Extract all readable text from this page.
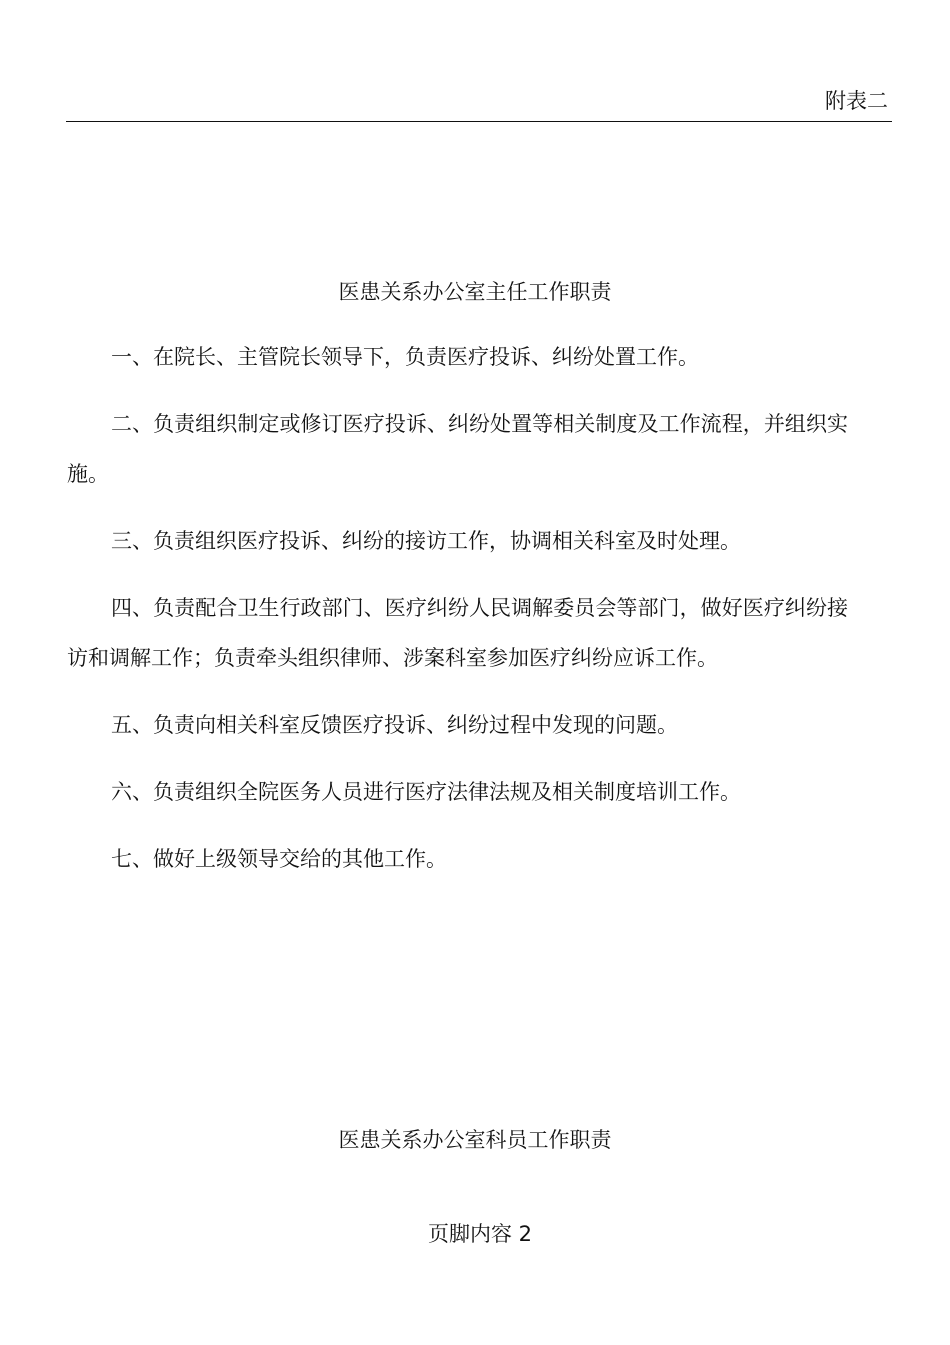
附表二
医患关系办公室主任工作职责

一、在院长、主管院长领导下，负责医疗投诉、纠纷处置工作。

二、负责组织制定或修订医疗投诉、纠纷处置等相关制度及工作流程，并组织实施。

三、负责组织医疗投诉、纠纷的接访工作，协调相关科室及时处理。

四、负责配合卫生行政部门、医疗纠纷人民调解委员会等部门，做好医疗纠纷接访和调解工作；负责牵头组织律师、涉案科室参加医疗纠纷应诉工作。

五、负责向相关科室反馈医疗投诉、纠纷过程中发现的问题。

六、负责组织全院医务人员进行医疗法律法规及相关制度培训工作。

七、做好上级领导交给的其他工作。

医患关系办公室科员工作职责
页脚内容 2
